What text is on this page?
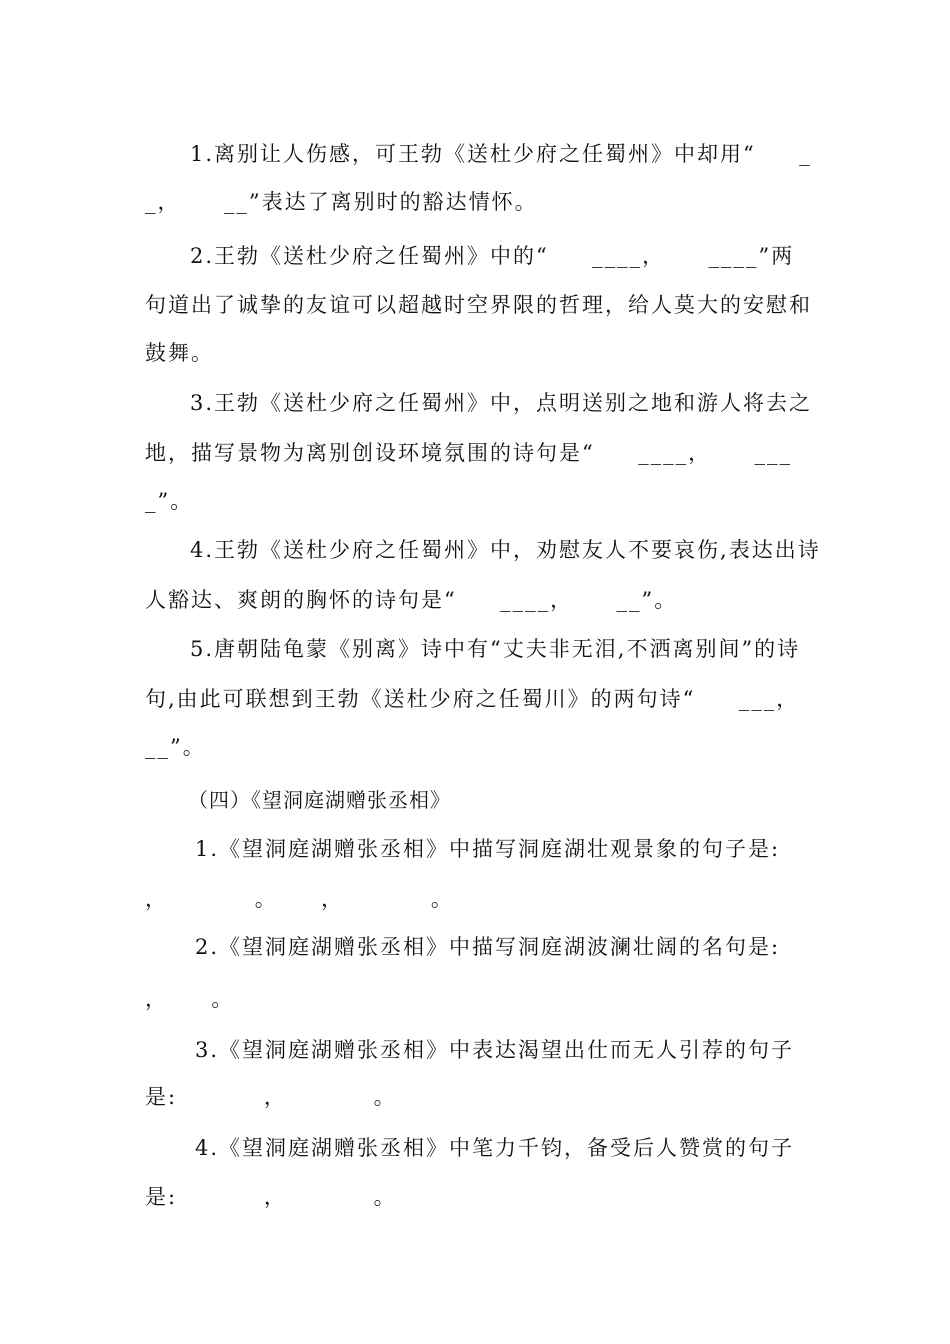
1.离别让人伤感，可王勃《送杜少府之任蜀州》中却用“     _
_，     __”表达了离别时的豁达情怀。
2.王勃《送杜少府之任蜀州》中的“     ____，     ____”两
句道出了诚挚的友谊可以超越时空界限的哲理，给人莫大的安慰和
鼓舞。
3.王勃《送杜少府之任蜀州》中，点明送别之地和游人将去之
地，描写景物为离别创设环境氛围的诗句是“     ____，     ___
_”。
4.王勃《送杜少府之任蜀州》中，劝慰友人不要哀伤,表达出诗
人豁达、爽朗的胸怀的诗句是“     ____，     __”。
5.唐朝陆龟蒙《别离》诗中有“丈夫非无泪,不洒离别间”的诗
句,由此可联想到王勃《送杜少府之任蜀川》的两句诗“     ___，
__”。
（四）《望洞庭湖赠张丞相》
1.《望洞庭湖赠张丞相》中描写洞庭湖壮观景象的句子是:
，          。     ，          。
2.《望洞庭湖赠张丞相》中描写洞庭湖波澜壮阔的名句是:
，     。
3.《望洞庭湖赠张丞相》中表达渴望出仕而无人引荐的句子
是:          ，          。
4.《望洞庭湖赠张丞相》中笔力千钧，备受后人赞赏的句子
是:          ，          。
